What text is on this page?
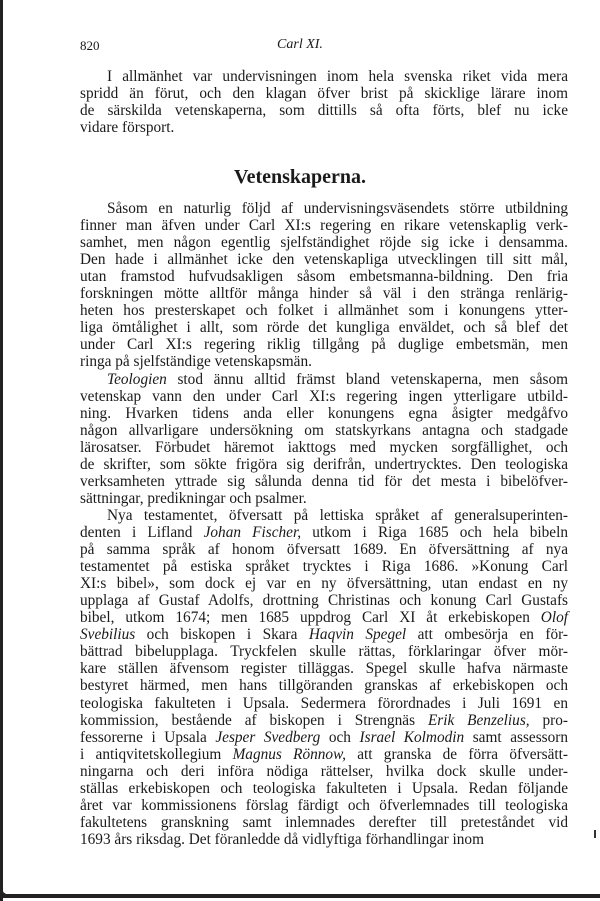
820	Carl XI.
I allmänhet var undervisningen inom hela svenska riket vida mera
spridd än förut, och den klagan öfver brist på skicklige lärare inom
de särskilda vetenskaperna, som dittills så ofta förts, blef nu icke
vidare försport.
Vetenskaperna.
Såsom en naturlig följd af undervisningsväsendets större utbildning
finner man äfven under Carl XI:s regering en rikare vetenskaplig verk-
samhet, men någon egentlig sjelfständighet röjde sig icke i densamma.
Den hade i allmänhet icke den vetenskapliga utvecklingen till sitt mål,
utan framstod hufvudsakligen såsom embetsmanna-bildning. Den fria
forskningen mötte alltför många hinder så väl i den stränga renlärig-
heten hos presterskapet och folket i allmänhet som i konungens ytter-
liga ömtålighet i allt, som rörde det kungliga enväldet, och så blef det
under Carl XI:s regering riklig tillgång på duglige embetsmän, men
ringa på sjelfständige vetenskapsmän.
Teologien stod ännu alltid främst bland vetenskaperna, men såsom
vetenskap vann den under Carl XI:s regering ingen ytterligare utbild-
ning. Hvarken tidens anda eller konungens egna åsigter medgåfvo
någon allvarligare undersökning om statskyrkans antagna och stadgade
lärosatser. Förbudet häremot iakttogs med mycken sorgfällighet, och
de skrifter, som sökte frigöra sig derifrån, undertrycktes. Den teologiska
verksamheten yttrade sig sålunda denna tid för det mesta i bibelöfver-
sättningar, predikningar och psalmer.
Nya testamentet, öfversatt på lettiska språket af generalsuperinten-
denten i Lifland Johan Fischer, utkom i Riga 1685 och hela bibeln
på samma språk af honom öfversatt 1689. En öfversättning af nya
testamentet på estiska språket trycktes i Riga 1686. »Konung Carl
XI:s bibel», som dock ej var en ny öfversättning, utan endast en ny
upplaga af Gustaf Adolfs, drottning Christinas och konung Carl Gustafs
bibel, utkom 1674; men 1685 uppdrog Carl XI åt erkebiskopen Olof
Svebilius och biskopen i Skara Haqvin Spegel att ombesörja en för-
bättrad bibelupplaga. Tryckfelen skulle rättas, förklaringar öfver mör-
kare ställen äfvensom register tilläggas. Spegel skulle hafva närmaste
bestyret härmed, men hans tillgöranden granskas af erkebiskopen och
teologiska fakulteten i Upsala. Sedermera förordnades i Juli 1691 en
kommission, bestående af biskopen i Strengnäs Erik Benzelius, pro-
fessorerne i Upsala Jesper Svedberg och Israel Kolmodin samt assessorn
i antiqvitetskollegium Magnus Rönnow, att granska de förra öfversätt-
ningarna och deri införa nödiga rättelser, hvilka dock skulle under-
ställas erkebiskopen och teologiska fakulteten i Upsala. Redan följande
året var kommissionens förslag färdigt och öfverlemnades till teologiska
fakultetens granskning samt inlemnades derefter till preteståndet vid
1693 års riksdag. Det föranledde då vidlyftiga förhandlingar inom
